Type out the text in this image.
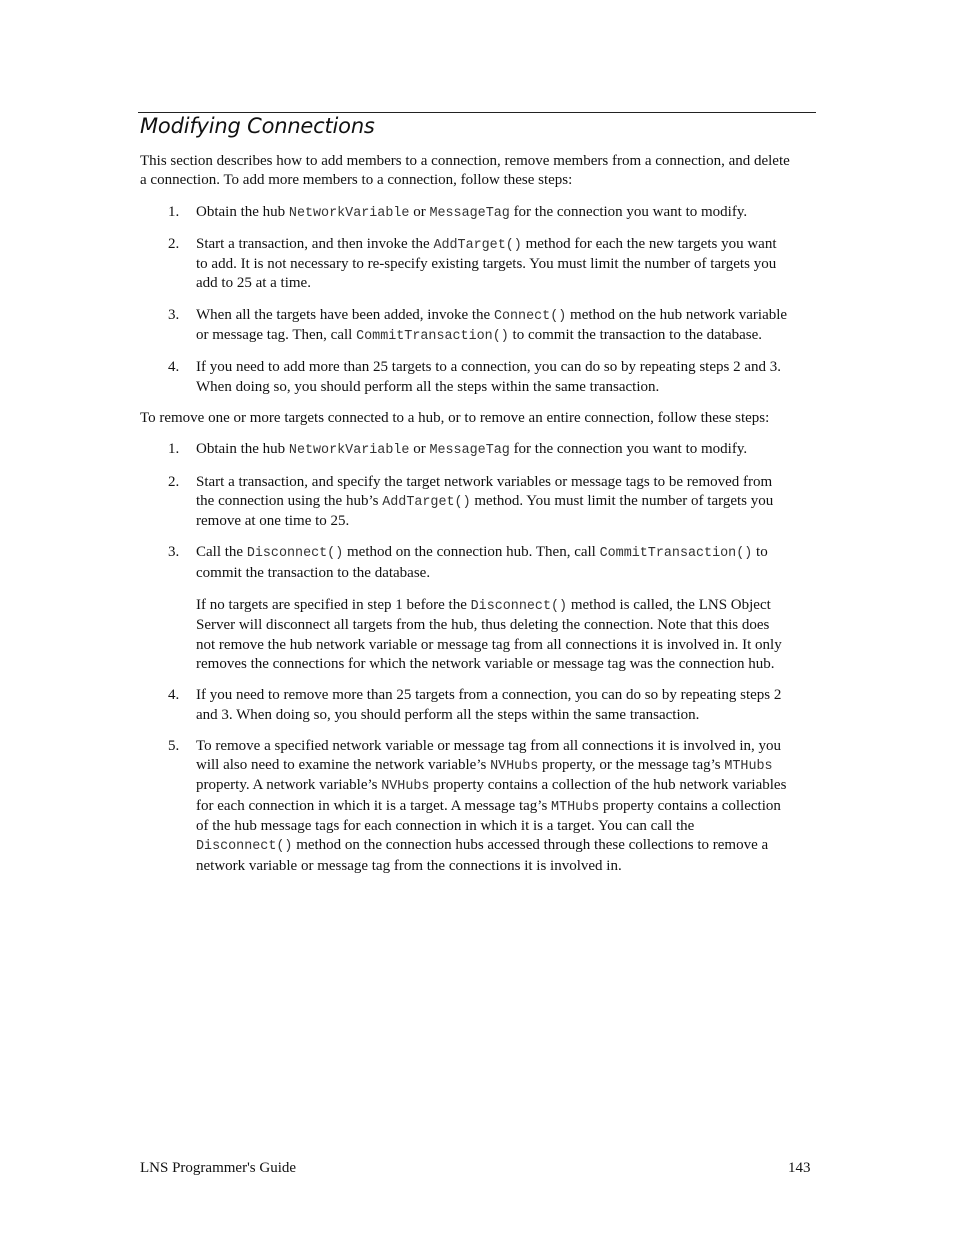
Modifying Connections

This section describes how to add members to a connection, remove members from a connection, and delete a connection. To add more members to a connection, follow these steps:

1.	Obtain the hub NetworkVariable or MessageTag for the connection you want to modify.
2.	Start a transaction, and then invoke the AddTarget() method for each the new targets you want to add. It is not necessary to re-specify existing targets. You must limit the number of targets you add to 25 at a time.
3.	When all the targets have been added, invoke the Connect() method on the hub network variable or message tag. Then, call CommitTransaction() to commit the transaction to the database.
4.	If you need to add more than 25 targets to a connection, you can do so by repeating steps 2 and 3. When doing so, you should perform all the steps within the same transaction.

To remove one or more targets connected to a hub, or to remove an entire connection, follow these steps:

1.	Obtain the hub NetworkVariable or MessageTag for the connection you want to modify.
2.	Start a transaction, and specify the target network variables or message tags to be removed from the connection using the hub’s AddTarget() method. You must limit the number of targets you remove at one time to 25.
3.	Call the Disconnect() method on the connection hub. Then, call CommitTransaction() to commit the transaction to the database.

If no targets are specified in step 1 before the Disconnect() method is called, the LNS Object Server will disconnect all targets from the hub, thus deleting the connection. Note that this does not remove the hub network variable or message tag from all connections it is involved in. It only removes the connections for which the network variable or message tag was the connection hub.

4.	If you need to remove more than 25 targets from a connection, you can do so by repeating steps 2 and 3. When doing so, you should perform all the steps within the same transaction.
5.	To remove a specified network variable or message tag from all connections it is involved in, you will also need to examine the network variable’s NVHubs property, or the message tag’s MTHubs property. A network variable’s NVHubs property contains a collection of the hub network variables for each connection in which it is a target. A message tag’s MTHubs property contains a collection of the hub message tags for each connection in which it is a target. You can call the Disconnect() method on the connection hubs accessed through these collections to remove a network variable or message tag from the connections it is involved in.
LNS Programmer's Guide	143
